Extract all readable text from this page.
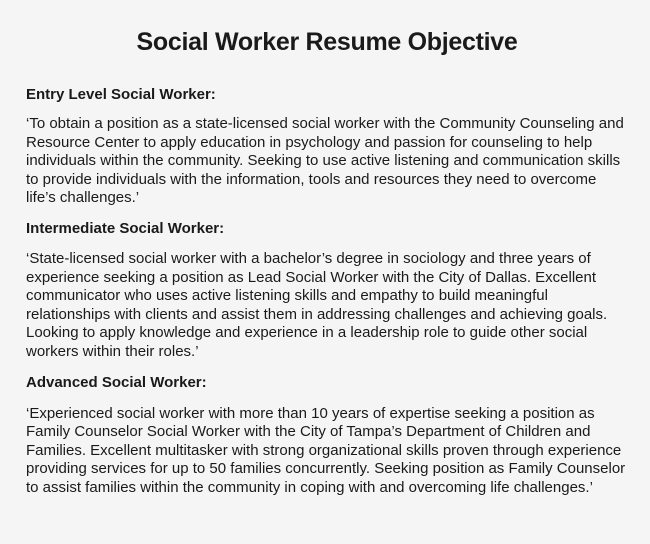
Social Worker Resume Objective

Entry Level Social Worker:

‘To obtain a position as a state-licensed social worker with the Community Counseling and
Resource Center to apply education in psychology and passion for counseling to help
individuals within the community. Seeking to use active listening and communication skills
to provide individuals with the information, tools and resources they need to overcome
life’s challenges.’

Intermediate Social Worker:

‘State-licensed social worker with a bachelor’s degree in sociology and three years of
experience seeking a position as Lead Social Worker with the City of Dallas. Excellent
communicator who uses active listening skills and empathy to build meaningful
relationships with clients and assist them in addressing challenges and achieving goals.
Looking to apply knowledge and experience in a leadership role to guide other social
workers within their roles.’

Advanced Social Worker:

‘Experienced social worker with more than 10 years of expertise seeking a position as
Family Counselor Social Worker with the City of Tampa’s Department of Children and
Families. Excellent multitasker with strong organizational skills proven through experience
providing services for up to 50 families concurrently. Seeking position as Family Counselor
to assist families within the community in coping with and overcoming life challenges.’
